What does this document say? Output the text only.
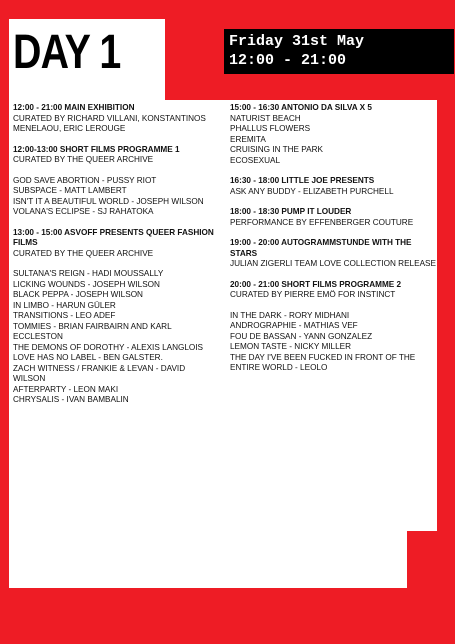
DAY 1	Friday 31st May
12:00 - 21:00
12:00 - 21:00 MAIN EXHIBITION
CURATED BY RICHARD VILLANI, KONSTANTINOS MENELAOU, ERIC LEROUGE
12:00-13:00 SHORT FILMS PROGRAMME 1
CURATED BY THE QUEER ARCHIVE
GOD SAVE ABORTION - PUSSY RIOT
SUBSPACE - MATT LAMBERT
ISN'T IT A BEAUTIFUL WORLD - JOSEPH WILSON
VOLANA'S ECLIPSE - SJ RAHATOKA
13:00 - 15:00 ASVOFF PRESENTS QUEER FASHION FILMS
CURATED BY THE QUEER ARCHIVE
SULTANA'S REIGN - HADI MOUSSALLY
LICKING WOUNDS - JOSEPH WILSON
BLACK PEPPA - JOSEPH WILSON
IN LIMBO - HARUN GÜLER
TRANSITIONS - LEO ADEF
TOMMIES - BRIAN FAIRBAIRN AND KARL ECCLESTON
THE DEMONS OF DOROTHY - ALEXIS LANGLOIS
LOVE HAS NO LABEL - BEN GALSTER.
ZACH WITNESS / FRANKIE & LEVAN - DAVID WILSON
AFTERPARTY - LEON MAKI
CHRYSALIS - IVAN BAMBALIN
15:00 - 16:30 ANTONIO DA SILVA X 5
NATURIST BEACH
PHALLUS FLOWERS
EREMITA
CRUISING IN THE PARK
ECOSEXUAL
16:30 - 18:00 LITTLE JOE PRESENTS
ASK ANY BUDDY - ELIZABETH PURCHELL
18:00 - 18:30 PUMP IT LOUDER
PERFORMANCE BY EFFENBERGER COUTURE
19:00 - 20:00 AUTOGRAMMSTUNDE WITH THE STARS
JULIAN ZIGERLI TEAM LOVE COLLECTION RELEASE
20:00 - 21:00 SHORT FILMS PROGRAMME 2
CURATED BY PIERRE EMÖ FOR INSTINCT
IN THE DARK - RORY MIDHANI
ANDROGRAPHIE - MATHIAS VEF
FOU DE BASSAN - YANN GONZALEZ
LEMON TASTE - NICKY MILLER
THE DAY I'VE BEEN FUCKED IN FRONT OF THE ENTIRE WORLD - LEOLO
